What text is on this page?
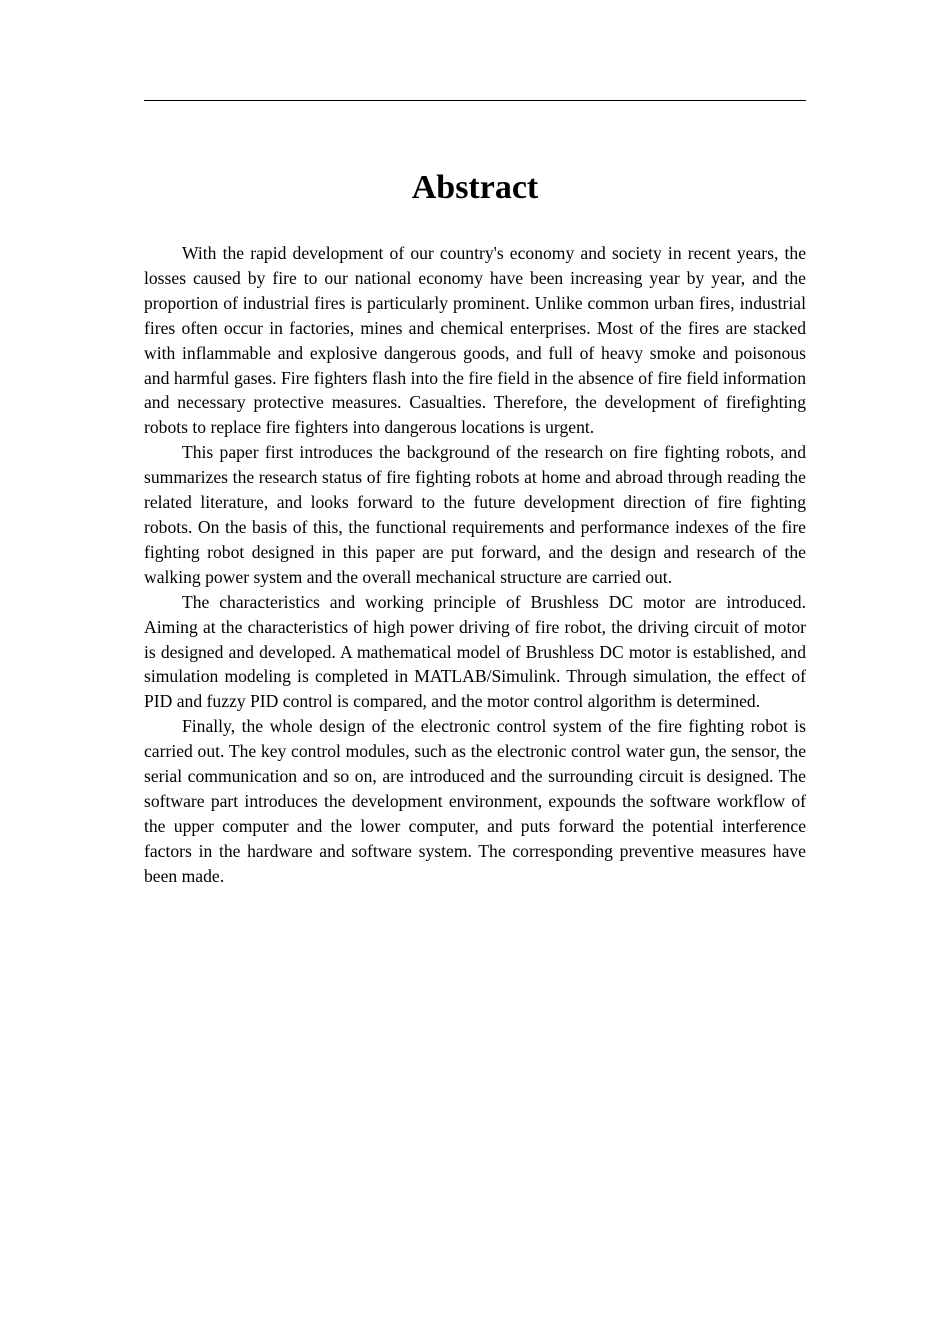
Abstract

With the rapid development of our country's economy and society in recent years, the losses caused by fire to our national economy have been increasing year by year, and the proportion of industrial fires is particularly prominent. Unlike common urban fires, industrial fires often occur in factories, mines and chemical enterprises. Most of the fires are stacked with inflammable and explosive dangerous goods, and full of heavy smoke and poisonous and harmful gases. Fire fighters flash into the fire field in the absence of fire field information and necessary protective measures. Casualties. Therefore, the development of firefighting robots to replace fire fighters into dangerous locations is urgent.

This paper first introduces the background of the research on fire fighting robots, and summarizes the research status of fire fighting robots at home and abroad through reading the related literature, and looks forward to the future development direction of fire fighting robots. On the basis of this, the functional requirements and performance indexes of the fire fighting robot designed in this paper are put forward, and the design and research of the walking power system and the overall mechanical structure are carried out.

The characteristics and working principle of Brushless DC motor are introduced. Aiming at the characteristics of high power driving of fire robot, the driving circuit of motor is designed and developed. A mathematical model of Brushless DC motor is established, and simulation modeling is completed in MATLAB/Simulink. Through simulation, the effect of PID and fuzzy PID control is compared, and the motor control algorithm is determined.

Finally, the whole design of the electronic control system of the fire fighting robot is carried out. The key control modules, such as the electronic control water gun, the sensor, the serial communication and so on, are introduced and the surrounding circuit is designed. The software part introduces the development environment, expounds the software workflow of the upper computer and the lower computer, and puts forward the potential interference factors in the hardware and software system. The corresponding preventive measures have been made.
